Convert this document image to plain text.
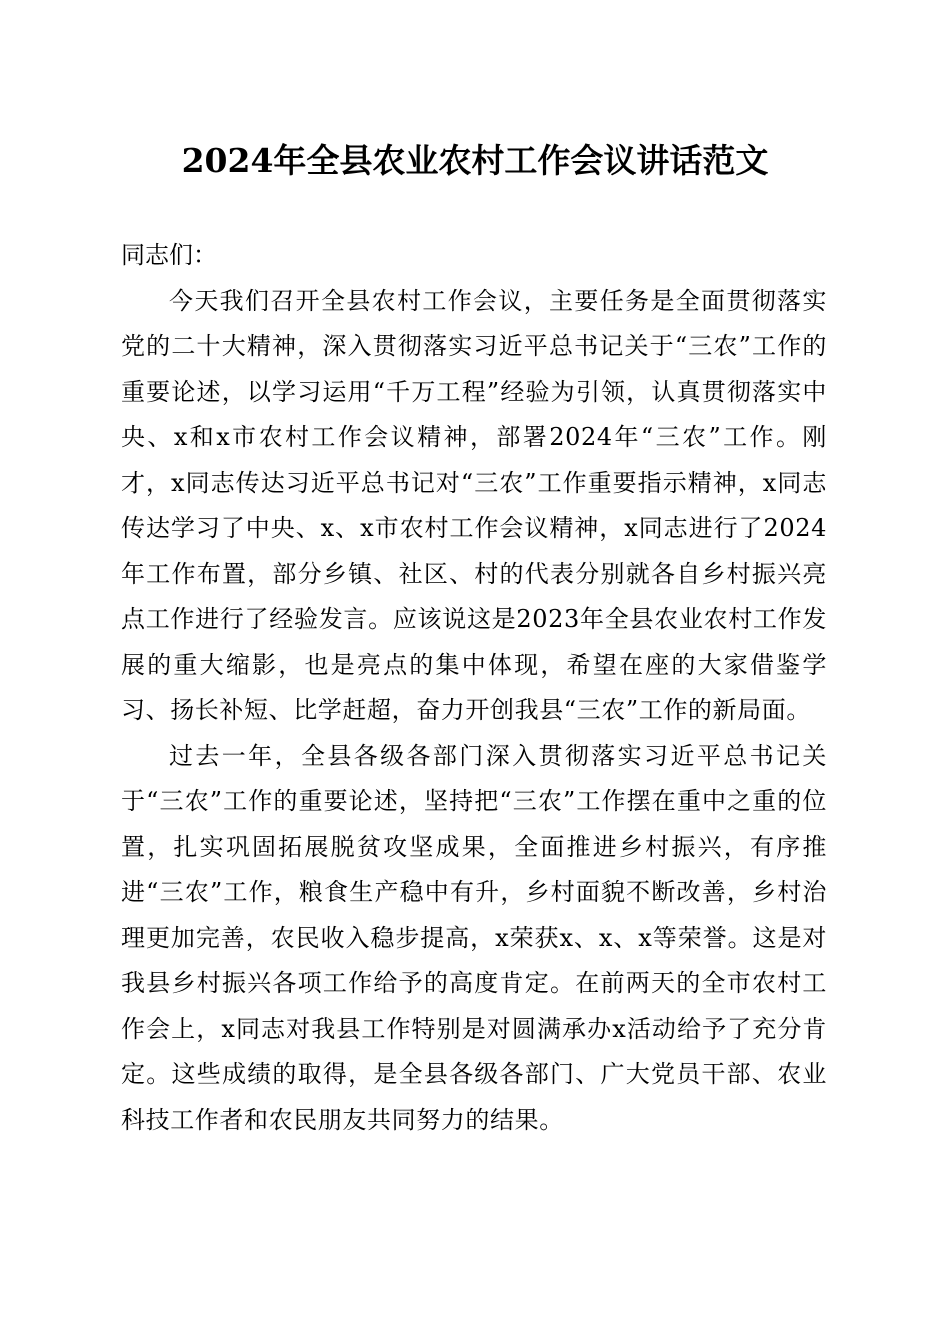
2024年全县农业农村工作会议讲话范文

同志们：

今天我们召开全县农村工作会议，主要任务是全面贯彻落实党的二十大精神，深入贯彻落实习近平总书记关于“三农”工作的重要论述，以学习运用“千万工程”经验为引领，认真贯彻落实中央、x和x市农村工作会议精神，部署2024年“三农”工作。刚才，x同志传达习近平总书记对“三农”工作重要指示精神，x同志传达学习了中央、x、x市农村工作会议精神，x同志进行了2024年工作布置，部分乡镇、社区、村的代表分别就各自乡村振兴亮点工作进行了经验发言。应该说这是2023年全县农业农村工作发展的重大缩影，也是亮点的集中体现，希望在座的大家借鉴学习、扬长补短、比学赶超，奋力开创我县“三农”工作的新局面。

过去一年，全县各级各部门深入贯彻落实习近平总书记关于“三农”工作的重要论述，坚持把“三农”工作摆在重中之重的位置，扎实巩固拓展脱贫攻坚成果，全面推进乡村振兴，有序推进“三农”工作，粮食生产稳中有升，乡村面貌不断改善，乡村治理更加完善，农民收入稳步提高，x荣获x、x、x等荣誉。这是对我县乡村振兴各项工作给予的高度肯定。在前两天的全市农村工作会上，x同志对我县工作特别是对圆满承办x活动给予了充分肯定。这些成绩的取得，是全县各级各部门、广大党员干部、农业科技工作者和农民朋友共同努力的结果。
